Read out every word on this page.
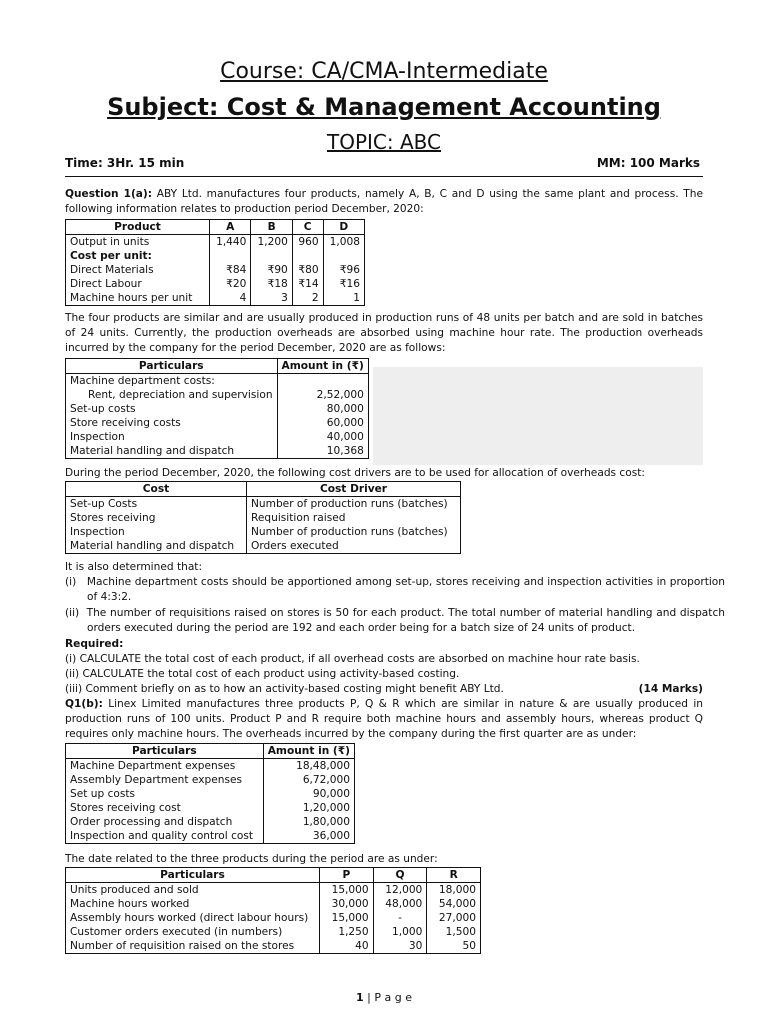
Course: CA/CMA-Intermediate
Subject: Cost & Management Accounting
TOPIC: ABC
Time: 3Hr. 15 min	MM: 100 Marks
Question 1(a): ABY Ltd. manufactures four products, namely A, B, C and D using the same plant and process. The following information relates to production period December, 2020:
Product	A	B	C	D
Output in units	1,440	1,200	960	1,008
Cost per unit:				
Direct Materials	₹84	₹90	₹80	₹96
Direct Labour	₹20	₹18	₹14	₹16
Machine hours per unit	4	3	2	1
The four products are similar and are usually produced in production runs of 48 units per batch and are sold in batches of 24 units. Currently, the production overheads are absorbed using machine hour rate. The production overheads incurred by the company for the period December, 2020 are as follows:
Particulars	Amount in (₹)
Machine department costs:	
Rent, depreciation and supervision	2,52,000
Set-up costs	80,000
Store receiving costs	60,000
Inspection	40,000
Material handling and dispatch	10,368
During the period December, 2020, the following cost drivers are to be used for allocation of overheads cost:
Cost	Cost Driver
Set-up Costs	Number of production runs (batches)
Stores receiving	Requisition raised
Inspection	Number of production runs (batches)
Material handling and dispatch	Orders executed
It is also determined that:
(i)   Machine department costs should be apportioned among set-up, stores receiving and inspection activities in proportion of 4:3:2.
(ii)  The number of requisitions raised on stores is 50 for each product. The total number of material handling and dispatch orders executed during the period are 192 and each order being for a batch size of 24 units of product.
Required:
(i) CALCULATE the total cost of each product, if all overhead costs are absorbed on machine hour rate basis.
(ii) CALCULATE the total cost of each product using activity-based costing.
(14 Marks)
(iii) Comment briefly on as to how an activity-based costing might benefit ABY Ltd.
Q1(b): Linex Limited manufactures three products P, Q & R which are similar in nature & are usually produced in production runs of 100 units. Product P and R require both machine hours and assembly hours, whereas product Q requires only machine hours. The overheads incurred by the company during the first quarter are as under:
Particulars	Amount in (₹)
Machine Department expenses	18,48,000
Assembly Department expenses	6,72,000
Set up costs	90,000
Stores receiving cost	1,20,000
Order processing and dispatch	1,80,000
Inspection and quality control cost	36,000
The date related to the three products during the period are as under:
Particulars	P	Q	R
Units produced and sold	15,000	12,000	18,000
Machine hours worked	30,000	48,000	54,000
Assembly hours worked (direct labour hours)	15,000	-	27,000
Customer orders executed (in numbers)	1,250	1,000	1,500
Number of requisition raised on the stores	40	30	50
1 | P a g e
